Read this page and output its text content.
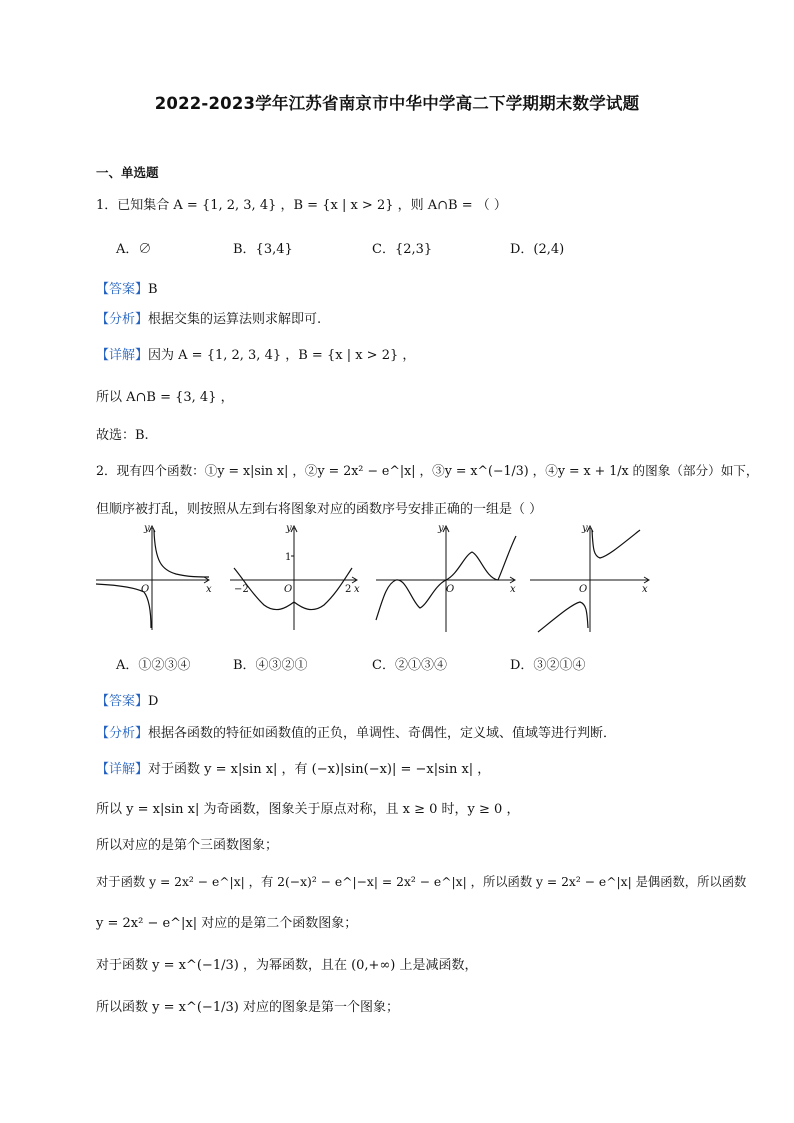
2022-2023学年江苏省南京市中华中学高二下学期期末数学试题
一、单选题
1．已知集合 A = {1, 2, 3, 4} ，B = {x | x > 2} ，则 A∩B = （ ）
A．∅	B．{3,4}	C．{2,3}	D．(2,4)
【答案】B
【分析】根据交集的运算法则求解即可.
【详解】因为 A = {1, 2, 3, 4} ，B = {x | x > 2} ，
所以 A∩B = {3, 4} ，
故选：B.
2．现有四个函数：①y = x|sin x| ，②y = 2x² − e^|x| ，③y = x^(−1/3) ，④y = x + 1/x 的图象（部分）如下，
但顺序被打乱，则按照从左到右将图象对应的函数序号安排正确的一组是（ ）
y
x
O
y
x
O
−2	2
1
y
x
O
y
x
O
A．①②③④	B．④③②①	C．②①③④	D．③②①④
【答案】D
【分析】根据各函数的特征如函数值的正负，单调性、奇偶性，定义域、值域等进行判断．
【详解】对于函数 y = x|sin x| ，有 (−x)|sin(−x)| = −x|sin x| ，
所以 y = x|sin x| 为奇函数，图象关于原点对称，且 x ≥ 0 时，y ≥ 0 ，
所以对应的是第个三函数图象；
对于函数 y = 2x² − e^|x| ，有 2(−x)² − e^|−x| = 2x² − e^|x| ，所以函数 y = 2x² − e^|x| 是偶函数，所以函数
y = 2x² − e^|x| 对应的是第二个函数图象；
对于函数 y = x^(−1/3) ，为幂函数，且在 (0,+∞) 上是减函数，
所以函数 y = x^(−1/3) 对应的图象是第一个图象；
